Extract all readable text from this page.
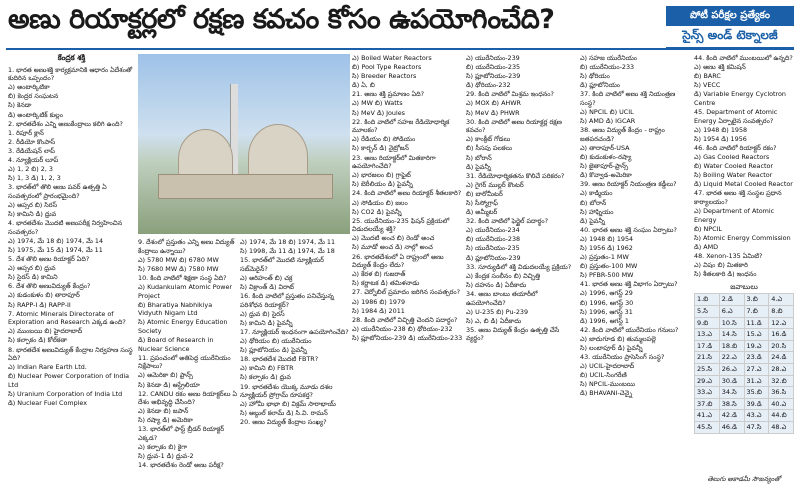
అణు రియాక్టర్లలో రక్షణ కవచం కోసం ఉపయోగించేది?	పోటీ పరీక్షల ప్రత్యేకం
సైన్స్ అండ్ టెక్నాలజీ
కేంద్రక శక్తి

1. భారత అణుశక్తి కార్యక్రమానికి ఆధారం ఏదేశంతో కుదిరిన ఒప్పందం?

ఎ) అంటార్కిటికా

బి) కెంద్రర సంఘటన

సి) కెనడా

డి) అంటార్కిటిక్ కుల్లం

2. భారతదేశం ఎన్ని అణుకేంద్రాలు కలిగి ఉంది?

1. రిపూర్ క్లాన్

2. రీడియో కొంపాస్

3. రేడియేషన్ లాప్

4. న్యూక్లియర్ లూప్

ఎ) 1, 2 బి) 2, 3

సి) 1, 3 డి) 1, 2, 3

3. భారత్‌లో తొలి అణు పవర్ ఉత్పత్తి ఏ సంవత్సరంలో ప్రారంభమైంది?

ఎ) అప్సర బి) సిరస్

సి) కామిని డి) ధ్రువ

4. భారతదేశం మొదటి అణుపరీక్ష నిర్వహించిన సంవత్సరం?

ఎ) 1974, మే 18 బి) 1974, మే 14

సి) 1975, మే 15 డి) 1974, మే 11

5. దేశ తొలి అణు రియాక్టర్ ఏది?

ఎ) అప్సర బి) ధ్రువ

సి) సైరస్ డి) కామిని

6. దేశ తొలి అణువిద్యుత్ కేంద్రం?

ఎ) కుడంకుళం బి) తారాపూర్

సి) RAPP-I డి) RAPP-II

7. Atomic Minerals Directorate of Exploration and Research ఎక్కడ ఉంది?

ఎ) ముంబయి బి) హైదరాబాద్

సి) కల్పాకం డి) కోల్‌కతా

8. భారతదేశ అణువిద్యుత్ కేంద్రాల నిర్వహణ సంస్థ ఏది?

ఎ) Indian Rare Earth Ltd.

బి) Nuclear Power Corporation of India Ltd

సి) Uranium Corporation of India Ltd

డి) Nuclear Fuel Complex

9. దేశంలో ప్రస్తుతం ఎన్ని అణు విద్యుత్ కేంద్రాలు ఉన్నాయి?

ఎ) 5780 MW బి) 6780 MW

సి) 7680 MW డి) 7580 MW

10. కింది వాటిలో శిక్షణా సంస్థ ఏది?

ఎ) Kudankulam Atomic Power Project

బి) Bharatiya Nabhikiya Vidyuth Nigam Ltd

సి) Atomic Energy Education Society

డి) Board of Research in Nuclear Science

11. ప్రపంచంలో అతిపెద్ద యురేనియం నిక్షేపాలు?

ఎ) అమెరికా బి) ఫ్రాన్స్

సి) కెనడా డి) ఆస్ట్రేలియా

12. CANDU రకం అణు రియాక్టర్‌లు ఏ దేశం అభివృద్ధి చేసింది?

ఎ) కెనడా బి) జపాన్

సి) రష్యా డి) అమెరికా

13. భారత్‌లో ఫాస్ట్ బ్రీడర్ రియాక్టర్ ఎక్కడ?

ఎ) కల్పాకం బి) కైగా

సి) ధ్రువ-1 డి) ధ్రువ-2

14. భారతదేశం రెండో అణు పరీక్ష?

ఎ) 1974, మే 18 బి) 1974, మే 11

సి) 1998, మే 11 డి) 1974, మే 18

15. భారత్‌లో మొదటి న్యూక్లియర్ సబ్‌మెరైన్?

ఎ) అరిహంత్ బి) చక్ర

సి) విక్రాంత్ డి) విరాట్

16. కింది వాటిలో ప్రస్తుతం పనిచేస్తున్న పరిశోధన రియాక్టర్?

ఎ) ధ్రువ బి) సైరస్

సి) కామిని డి) పైవన్నీ

17. న్యూక్లియర్ ఇంధనంగా ఉపయోగించేది?

ఎ) థోరియం బి) యురేనియం

సి) ప్లూటోనియం డి) పైవన్నీ

18. భారతదేశ మొదటి FBTR?

ఎ) కామిని బి) FBTR

సి) కల్పాకం డి) ధ్రువ

19. భారతదేశం యొక్క మూడు దశల న్యూక్లియర్ ప్రోగ్రామ్ రూపకర్త?

ఎ) హోమీ భాభా బి) విక్రమ్ సారాభాయ్

సి) అబ్దుల్ కలామ్ డి) సి.వి. రామన్

20. అణు విద్యుత్ కేంద్రాల సంఖ్య?

ఎ) Boiled Water Reactors

బి) Pool Type Reactors

సి) Breeder Reactors

డి) ఏ, బి

21. అణు శక్తి ప్రమాణం ఏది?

ఎ) MW బి) Watts

సి) MeV డి) Joules

22. కింది వాటిలో సహజ రేడియోధార్మిక మూలకం?

ఎ) రేడియం బి) సోడియం

సి) కార్బన్ డి) నైట్రోజన్

23. అణు రియాక్టర్‌లో మితకారిగా ఉపయోగించేది?

ఎ) భారజలం బి) గ్రాఫైట్

సి) బెరీలియం డి) పైవన్నీ

24. కింది వాటిలో అణు రియాక్టర్ శీతలకారి?

ఎ) సోడియం బి) జలం

సి) CO2 డి) పైవన్నీ

25. యురేనియం-235 ఫిషన్ ప్రక్రియలో విడుదలయ్యే శక్తి?

ఎ) మొదటి అంచ బి) రెండో అంచ

సి) మూడో అంచ డి) నాల్గో అంచ

26. భారతదేశంలో ఏ రాష్ట్రంలో అణు విద్యుత్ కేంద్రం లేదు?

ఎ) కేరళ బి) గుజరాత్

సి) కర్ణాటక డి) తమిళనాడు

27. చెర్నోబిల్ ప్రమాదం జరిగిన సంవత్సరం?

ఎ) 1986 బి) 1979

సి) 1984 డి) 2011

28. కింది వాటిలో విచ్ఛిత్తి చెందని పదార్థం?

ఎ) యురేనియం-238 బి) థోరియం-232

సి) ప్లూటోనియం-239 డి) యురేనియం-233

ఎ) యురేనియం-239

బి) యురేనియం-235

సి) ప్లూటోనియం-239

డి) థోరియం-232

29. కింది వాటిలో మిశ్రమ ఇంధనం?

ఎ) MOX బి) AHWR

సి) MeV డి) PHWR

30. కింది వాటిలో అణు రియాక్టర్ల రక్షణ కవచం?

ఎ) కాంక్రీట్ గోడలు

బి) సీసపు పలకలు

సి) బోరాన్

డి) పైవన్నీ

31. రేడియోధార్మికతను కొలిచే పరికరం?

ఎ) గైగర్ ముల్లర్ కౌంటర్

బి) బారోమీటర్

సి) సీస్మోగ్రాఫ్

డి) అమ్మీటర్

32. కింది వాటిలో ఫెర్టైల్ పదార్థం?

ఎ) యురేనియం-234

బి) యురేనియం-238

సి) యురేనియం-235

డి) ప్లూటోనియం-239

33. సూర్యుడిలో శక్తి విడుదలయ్యే ప్రక్రియ?

ఎ) కేంద్రక సంలీనం బి) విచ్ఛిత్తి

సి) దహనం డి) ఏదీకాదు

34. అణు బాంబు తయారీలో ఉపయోగించేది?

ఎ) U-235 బి) Pu-239

సి) ఎ, బి డి) ఏదీకాదు

35. అణు విద్యుత్ కేంద్రం ఉత్పత్తి చేసే వ్యర్థం?

ఎ) సహజ యురేనియం

బి) యురేనియం-233

సి) థోరియం

డి) ప్లూటోనియం

37. కింది వాటిలో అణు శక్తి నియంత్రణ సంస్థ?

ఎ) NPCIL బి) UCIL

సి) AMD డి) IGCAR

38. అణు విద్యుత్ కేంద్రం - రాష్ట్రం జతపరచండి?

ఎ) తారాపూర్-USA

బి) కుడంకుళం-రష్యా

సి) జైతాపూర్-ఫ్రాన్స్

డి) కొవ్వాడ-అమెరికా

39. అణు రియాక్టర్ నియంత్రణ కడ్డీలు?

ఎ) కాడ్మియం

బి) బోరాన్

సి) హాఫ్నియం

డి) పైవన్నీ

40. భారత అణు శక్తి సంఘం ఏర్పాటు?

ఎ) 1948 బి) 1954

సి) 1956 డి) 1962

ఎ) ప్రస్తుతం-1 MW

బి) ప్రస్తుతం-100 MW

సి) PFBR-500 MW

41. భారత అణు శక్తి విభాగం ఏర్పాటు?

ఎ) 1996, ఆగస్ట్ 29

బి) 1996, ఆగస్ట్ 30

సి) 1996, ఆగస్ట్ 31

డి) 1996, ఆగస్ట్ 1

42. కింది వాటిలో యురేనియం గనులు?

ఎ) జాదుగూడ బి) తుమ్మలపల్లె

సి) లంబాపూర్ డి) పైవన్నీ

43. యురేనియం ప్రాసెసింగ్ సంస్థ?

ఎ) UCIL-హైదరాబాద్

బి) UCIL-సింగరేణి

సి) NPCIL-ముంబయి

డి) BHAVANI-చెన్నై

44. కింది వాటిలో ముంబయిలో ఉన్నది?

ఎ) అణు శక్తి కమిషన్

బి) BARC

సి) VECC

డి) Variable Energy Cyclotron Centre

45. Department of Atomic Energy ఏర్పాటైన సంవత్సరం?

ఎ) 1948 బి) 1958

సి) 1954 డి) 1956

46. కింది వాటిలో రియాక్టర్ రకం?

ఎ) Gas Cooled Reactors

బి) Water Cooled Reactor

సి) Boiling Water Reactor

డి) Liquid Metal Cooled Reactor

47. భారత అణు శక్తి సంస్థల ప్రధాన కార్యాలయం?

ఎ) Department of Atomic Energy

బి) NPCIL

సి) Atomic Energy Commission

డి) AMD

48. Xenon-135 ఏమిటి?

ఎ) విషం బి) మితకారి

సి) శీతలకారి డి) ఇంధనం

జవాబులు
1.బి	2.డి	3.బి	4.ఎ
5.సి	6.ఎ	7.బి	8.బి
9.బి	10.సి	11.డి	12.ఎ
13.ఎ	14.సి	15.ఎ	16.డి
17.డి	18.బి	19.ఎ	20.సి
21.సి	22.ఎ	23.డి	24.డి
25.సి	26.ఎ	27.ఎ	28.ఎ
29.ఎ	30.డి	31.ఎ	32.బి
33.ఎ	34.సి	35.బి	36.సి
37.బి	38.సి	39.డి	40.ఎ
41.ఎ	42.డి	43.ఎ	44.బి
45.సి	46.డి	47.సి	48.ఎ
తెలుగు అకాడమీ సౌజన్యంతో
